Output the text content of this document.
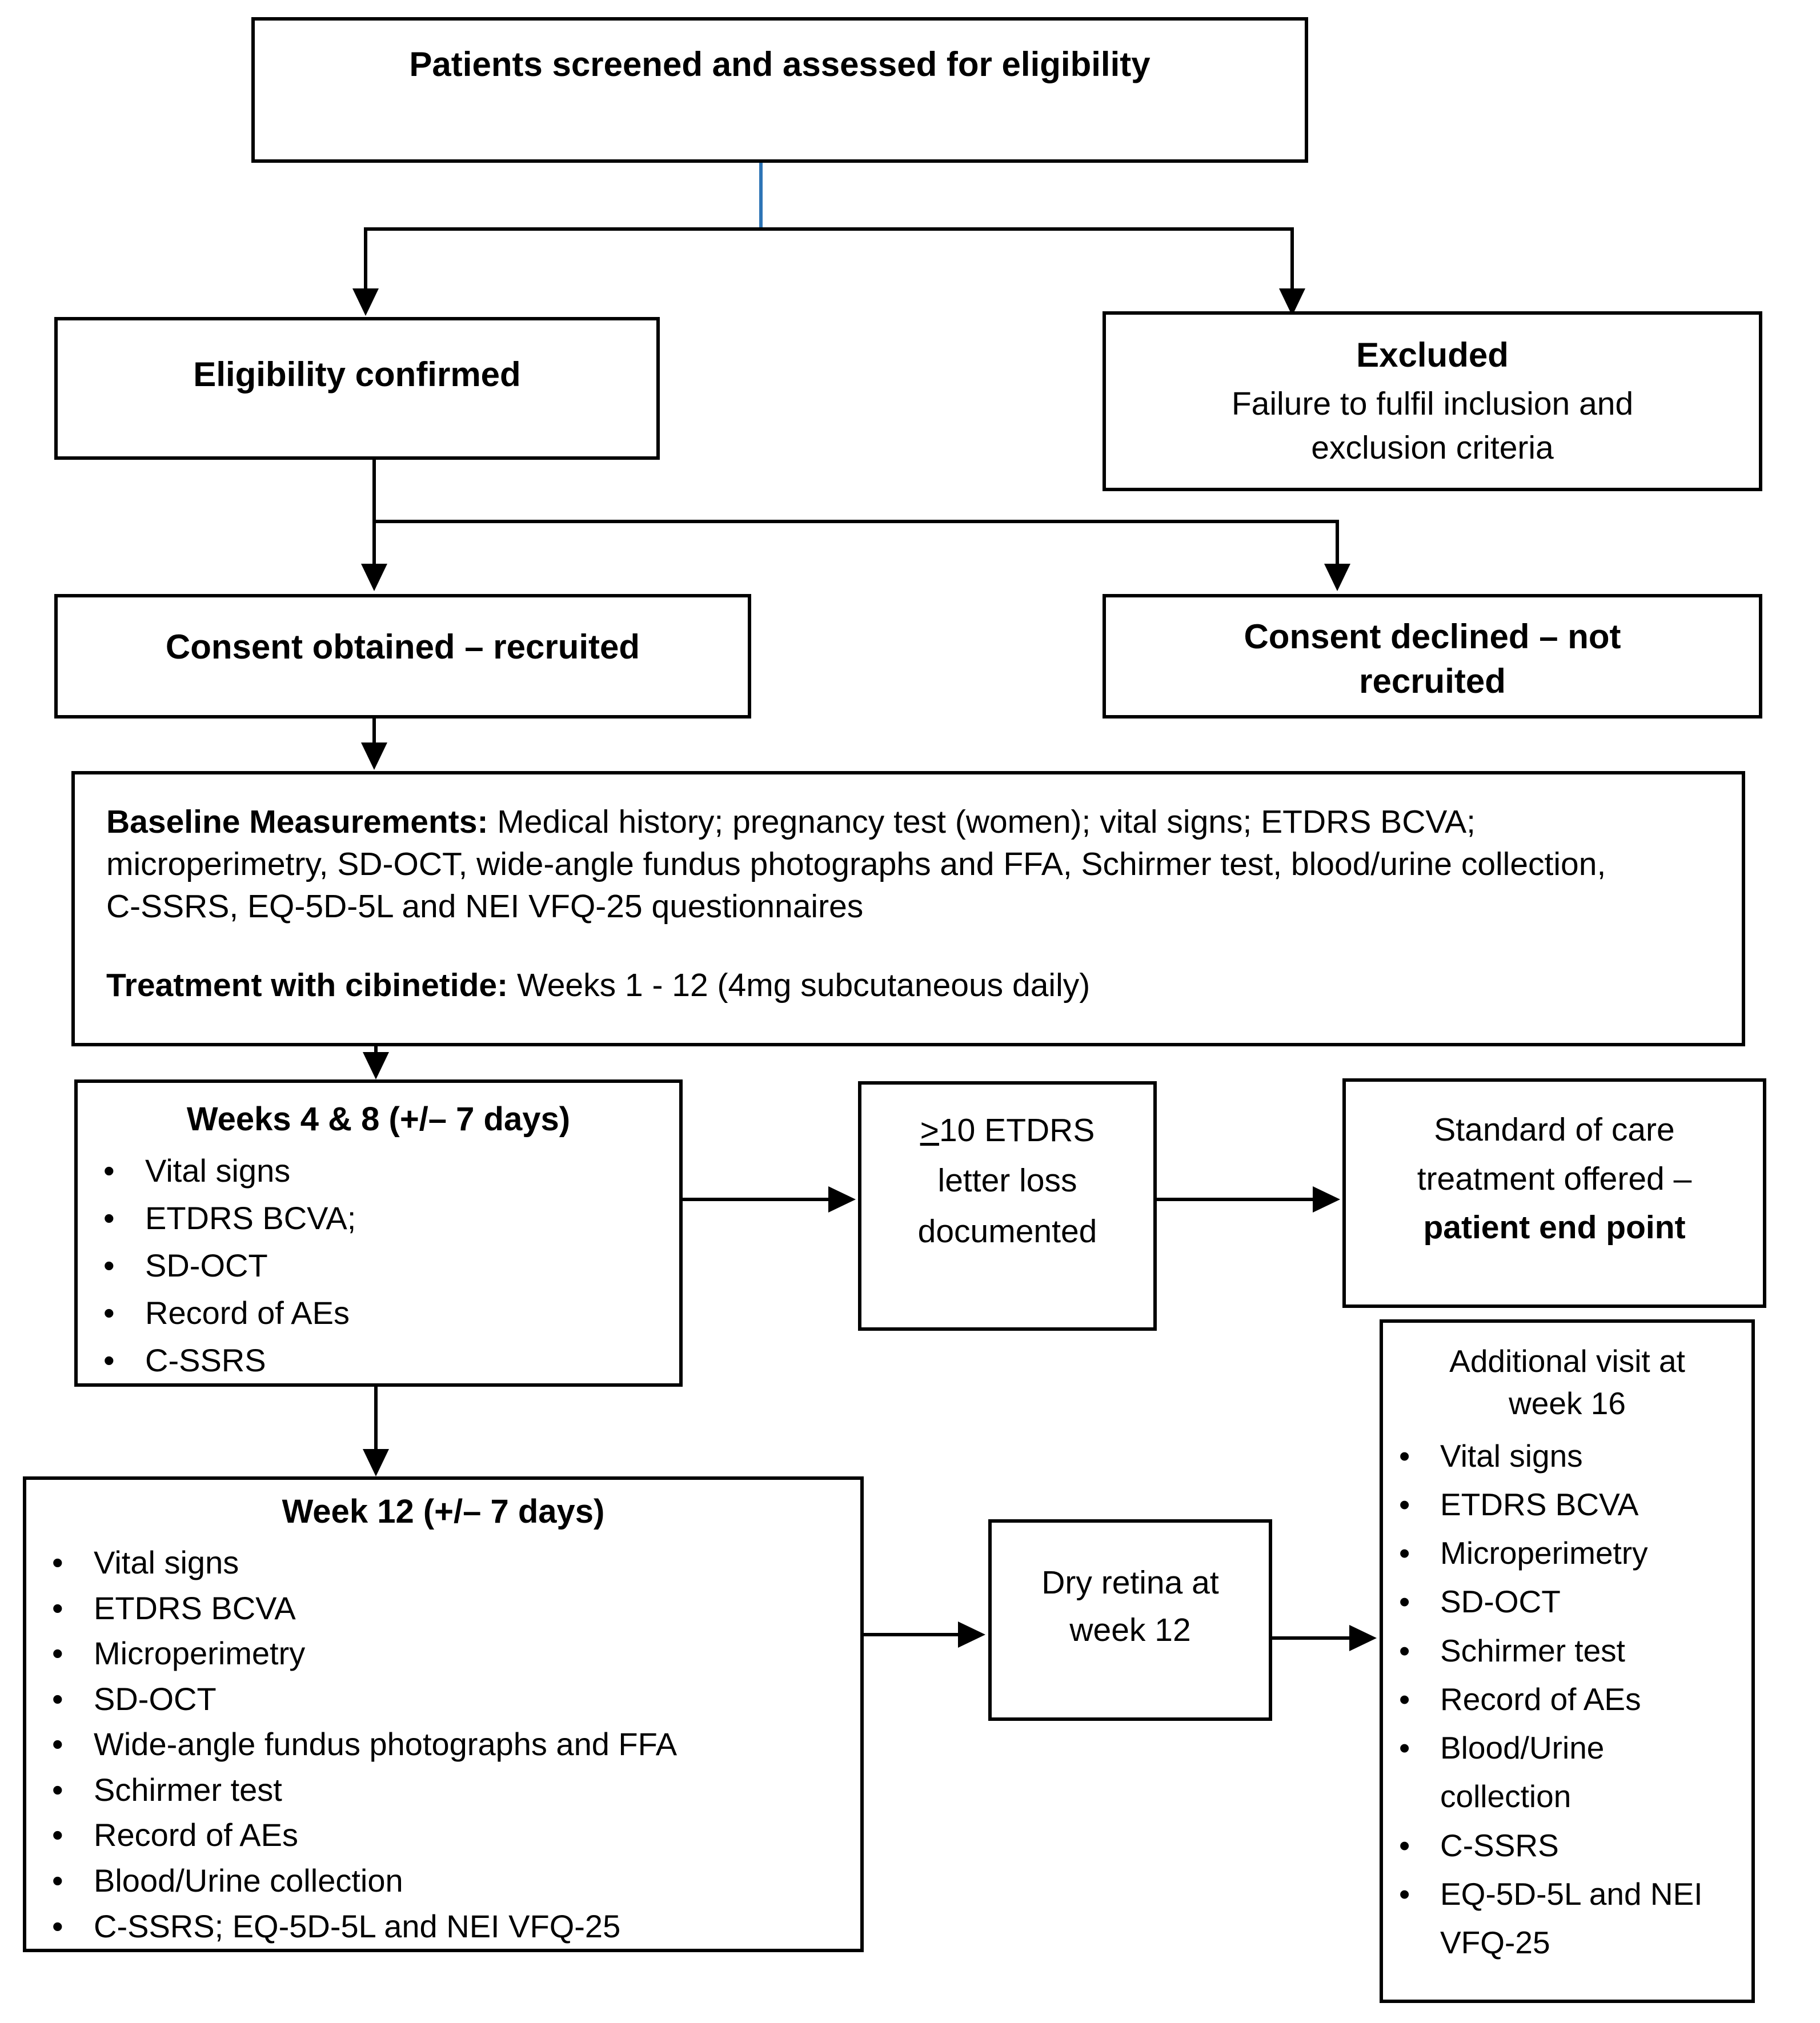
Patients screened and assessed for eligibility
Eligibility confirmed
Excluded
Failure to fulfil inclusion and exclusion criteria
Consent obtained – recruited	Consent declined – not recruited

Baseline Measurements: Medical history; pregnancy test (women); vital signs; ETDRS BCVA; microperimetry, SD-OCT, wide-angle fundus photographs and FFA, Schirmer test, blood/urine collection, C-SSRS, EQ-5D-5L and NEI VFQ-25 questionnaires

Treatment with cibinetide: Weeks 1 - 12 (4mg subcutaneous daily)

Weeks 4 & 8 (+/– 7 days)
• Vital signs
• ETDRS BCVA;
• SD-OCT
• Record of AEs
• C-SSRS
≥10 ETDRS
letter loss
documented
Standard of care treatment offered – patient end point
Week 12 (+/– 7 days)
• Vital signs
• ETDRS BCVA
• Microperimetry
• SD-OCT
• Wide-angle fundus photographs and FFA
• Schirmer test
• Record of AEs
• Blood/Urine collection
• C-SSRS; EQ-5D-5L and NEI VFQ-25
Dry retina at week 12
Additional visit at week 16
• Vital signs
• ETDRS BCVA
• Microperimetry
• SD-OCT
• Schirmer test
• Record of AEs
• Blood/Urine collection
• C-SSRS
• EQ-5D-5L and NEI VFQ-25
